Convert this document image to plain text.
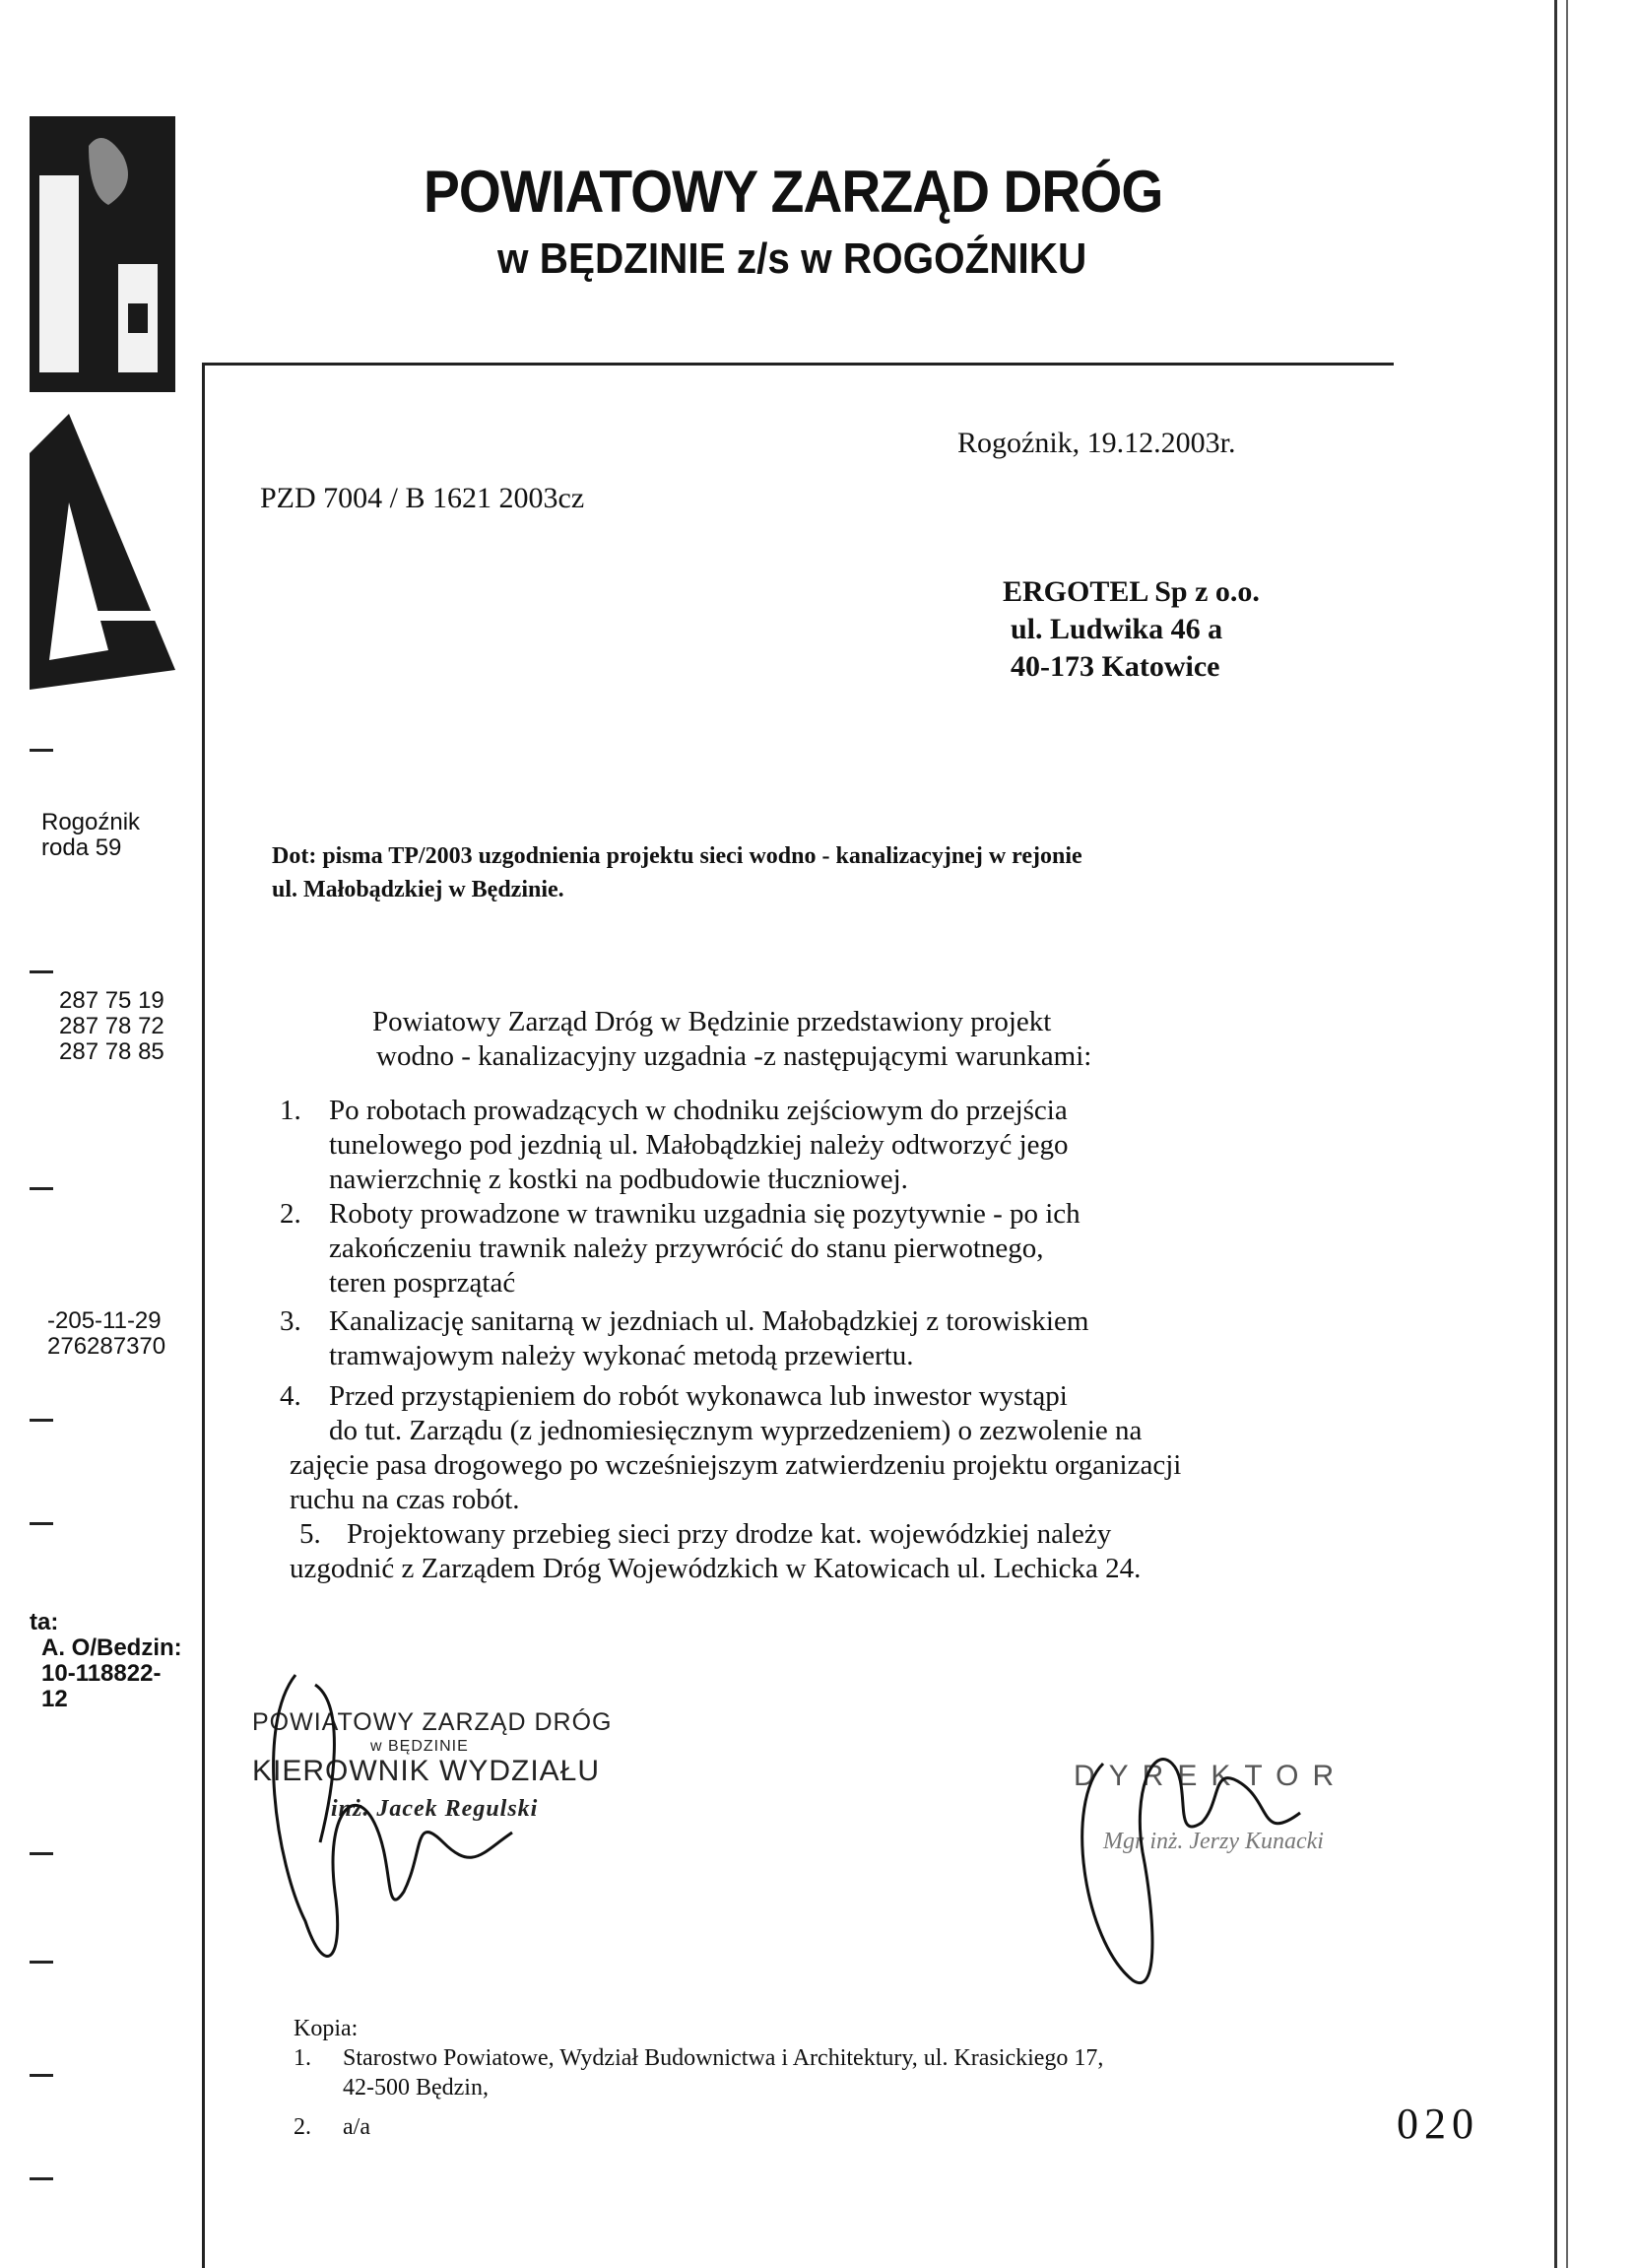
POWIATOWY ZARZĄD DRÓG
w BĘDZINIE z/s w ROGOŹNIKU
Rogoźnik
roda 59
287 75 19
287 78 72
287 78 85
-205-11-29
276287370
ta:
A. O/Bedzin:
10-118822-
12
Rogoźnik, 19.12.2003r.
PZD 7004 / B 1621 2003cz
ERGOTEL Sp z o.o.
ul. Ludwika 46 a
40-173 Katowice
Dot: pisma TP/2003 uzgodnienia projektu sieci wodno - kanalizacyjnej w rejonie
ul. Małobądzkiej w Będzinie.
Powiatowy Zarząd Dróg w Będzinie przedstawiony projekt
wodno - kanalizacyjny uzgadnia -z następującymi warunkami:
1. Po robotach prowadzących w chodniku zejściowym do przejścia
tunelowego pod jezdnią ul. Małobądzkiej należy odtworzyć jego
nawierzchnię z kostki na podbudowie tłuczniowej.
2. Roboty prowadzone w trawniku uzgadnia się pozytywnie - po ich
zakończeniu trawnik należy przywrócić do stanu pierwotnego,
teren posprzątać
3. Kanalizację sanitarną w jezdniach ul. Małobądzkiej z torowiskiem
tramwajowym należy wykonać metodą przewiertu.
4. Przed przystąpieniem do robót wykonawca lub inwestor wystąpi
do tut. Zarządu (z jednomiesięcznym wyprzedzeniem) o zezwolenie na
zajęcie pasa drogowego po wcześniejszym zatwierdzeniu projektu organizacji
ruchu na czas robót.
5. Projektowany przebieg sieci przy drodze kat. wojewódzkiej należy
uzgodnić z Zarządem Dróg Wojewódzkich w Katowicach ul. Lechicka 24.
POWIATOWY ZARZĄD DRÓG
w BĘDZINIE
KIEROWNIK WYDZIAŁU
inż. Jacek Regulski
DYREKTOR
Mgr inż. Jerzy Kunacki
Kopia:
1.	Starostwo Powiatowe, Wydział Budownictwa i Architektury, ul. Krasickiego 17,
42-500 Będzin,
2.	a/a	020
